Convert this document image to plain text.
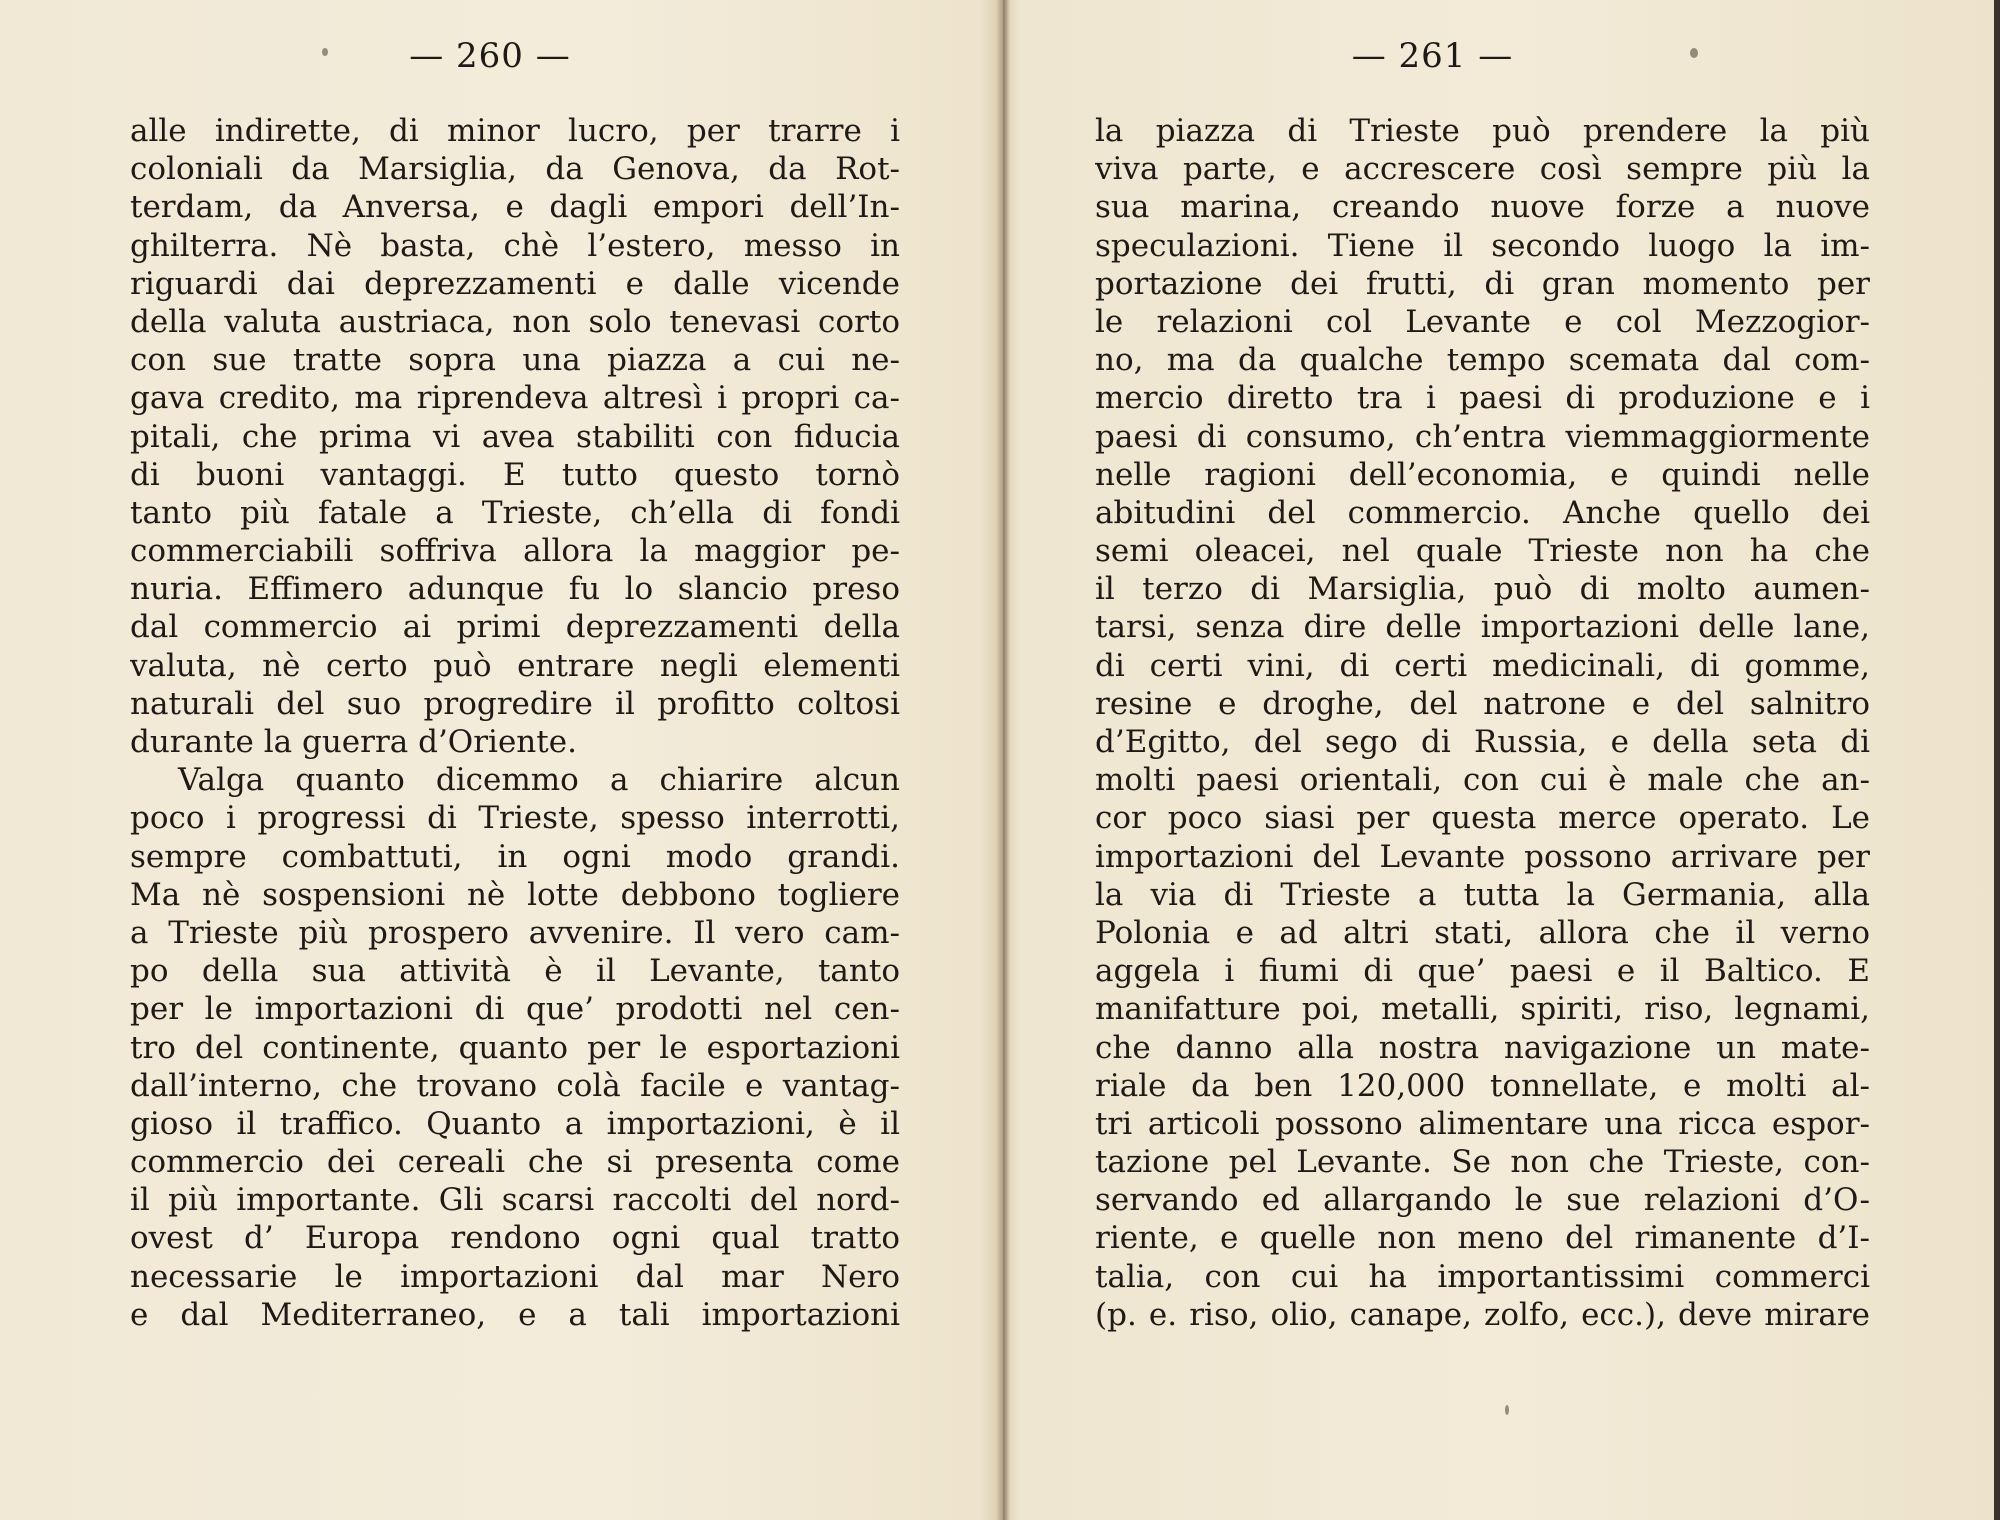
— 260 —
alle indirette, di minor lucro, per trarre i
coloniali da Marsiglia, da Genova, da Rot-
terdam, da Anversa, e dagli empori dell’In-
ghilterra. Nè basta, chè l’estero, messo in
riguardi dai deprezzamenti e dalle vicende
della valuta austriaca, non solo tenevasi corto
con sue tratte sopra una piazza a cui ne-
gava credito, ma riprendeva altresì i propri ca-
pitali, che prima vi avea stabiliti con fiducia
di buoni vantaggi. E tutto questo tornò
tanto più fatale a Trieste, ch’ella di fondi
commerciabili soffriva allora la maggior pe-
nuria. Effimero adunque fu lo slancio preso
dal commercio ai primi deprezzamenti della
valuta, nè certo può entrare negli elementi
naturali del suo progredire il profitto coltosi
durante la guerra d’Oriente.
Valga quanto dicemmo a chiarire alcun
poco i progressi di Trieste, spesso interrotti,
sempre combattuti, in ogni modo grandi.
Ma nè sospensioni nè lotte debbono togliere
a Trieste più prospero avvenire. Il vero cam-
po della sua attività è il Levante, tanto
per le importazioni di que’ prodotti nel cen-
tro del continente, quanto per le esportazioni
dall’interno, che trovano colà facile e vantag-
gioso il traffico. Quanto a importazioni, è il
commercio dei cereali che si presenta come
il più importante. Gli scarsi raccolti del nord-
ovest d’ Europa rendono ogni qual tratto
necessarie le importazioni dal mar Nero
e dal Mediterraneo, e a tali importazioni
— 261 —
la piazza di Trieste può prendere la più
viva parte, e accrescere così sempre più la
sua marina, creando nuove forze a nuove
speculazioni. Tiene il secondo luogo la im-
portazione dei frutti, di gran momento per
le relazioni col Levante e col Mezzogior-
no, ma da qualche tempo scemata dal com-
mercio diretto tra i paesi di produzione e i
paesi di consumo, ch’entra viemmaggiormente
nelle ragioni dell’economia, e quindi nelle
abitudini del commercio. Anche quello dei
semi oleacei, nel quale Trieste non ha che
il terzo di Marsiglia, può di molto aumen-
tarsi, senza dire delle importazioni delle lane,
di certi vini, di certi medicinali, di gomme,
resine e droghe, del natrone e del salnitro
d’Egitto, del sego di Russia, e della seta di
molti paesi orientali, con cui è male che an-
cor poco siasi per questa merce operato. Le
importazioni del Levante possono arrivare per
la via di Trieste a tutta la Germania, alla
Polonia e ad altri stati, allora che il verno
aggela i fiumi di que’ paesi e il Baltico. E
manifatture poi, metalli, spiriti, riso, legnami,
che danno alla nostra navigazione un mate-
riale da ben 120,000 tonnellate, e molti al-
tri articoli possono alimentare una ricca espor-
tazione pel Levante. Se non che Trieste, con-
servando ed allargando le sue relazioni d’O-
riente, e quelle non meno del rimanente d’I-
talia, con cui ha importantissimi commerci
(p. e. riso, olio, canape, zolfo, ecc.), deve mirare
